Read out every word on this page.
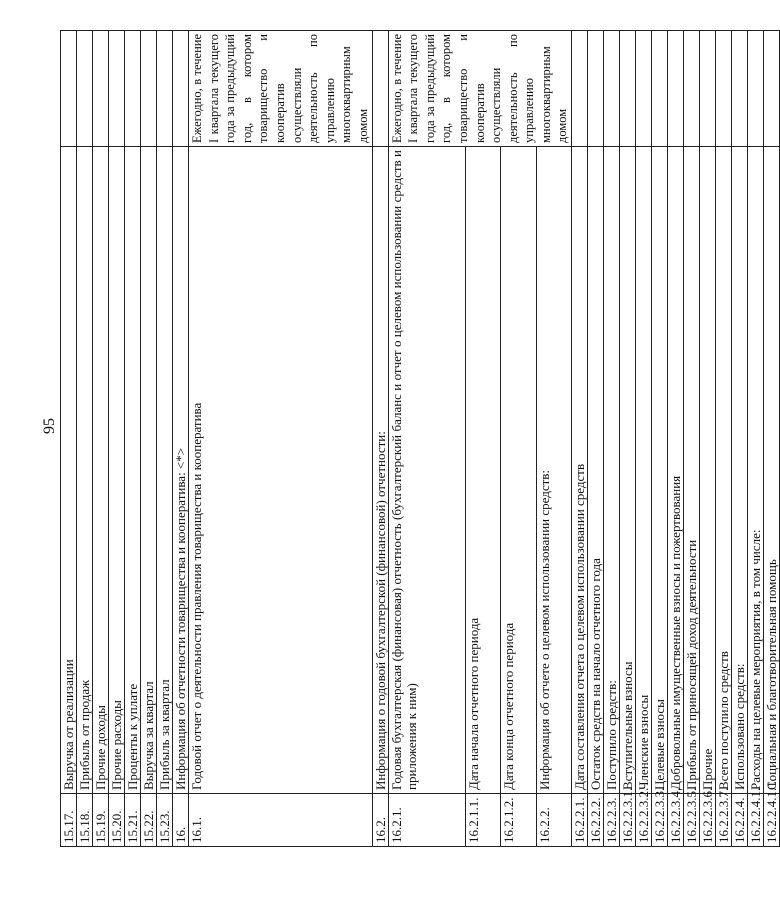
95
15.17.	Выручка от реализации	
15.18.	Прибыль от продаж	
15.19.	Прочие доходы	
15.20.	Прочие расходы	
15.21.	Проценты к уплате	
15.22.	Выручка за квартал	
15.23.	Прибыль за квартал	
16.	Информация об отчетности товарищества и кооператива: <*>	
16.1.	Годовой отчет о деятельности правления товарищества и кооператива	Ежегодно, в течение I квартала текущего года за предыдущий год, в котором товарищество и кооператив осуществляли деятельность по управлению многоквартирным домом
16.2.	Информация о годовой бухгалтерской (финансовой) отчетности:	
16.2.1.	Годовая бухгалтерская (финансовая) отчетность (бухгалтерский баланс и отчет о целевом использовании средств и приложения к ним)	Ежегодно, в течение I квартала текущего года за предыдущий год, в котором товарищество и кооператив осуществляли деятельность по управлению многоквартирным домом
16.2.1.1.	Дата начала отчетного периода	
16.2.1.2.	Дата конца отчетного периода	
16.2.2.	Информация об отчете о целевом использовании средств:	
16.2.2.1.	Дата составления отчета о целевом использовании средств	
16.2.2.2.	Остаток средств на начало отчетного года	
16.2.2.3.	Поступило средств:	
16.2.2.3.1.	Вступительные взносы	
16.2.2.3.2.	Членские взносы	
16.2.2.3.3.	Целевые взносы	
16.2.2.3.4.	Добровольные имущественные взносы и пожертвования	
16.2.2.3.5.	Прибыль от приносящей доход деятельности	
16.2.2.3.6.	Прочие	
16.2.2.3.7.	Всего поступило средств	
16.2.2.4.	Использовано средств:	
16.2.2.4.1.	Расходы на целевые мероприятия, в том числе:	
16.2.2.4.1.1.	Социальная и благотворительная помощь	
